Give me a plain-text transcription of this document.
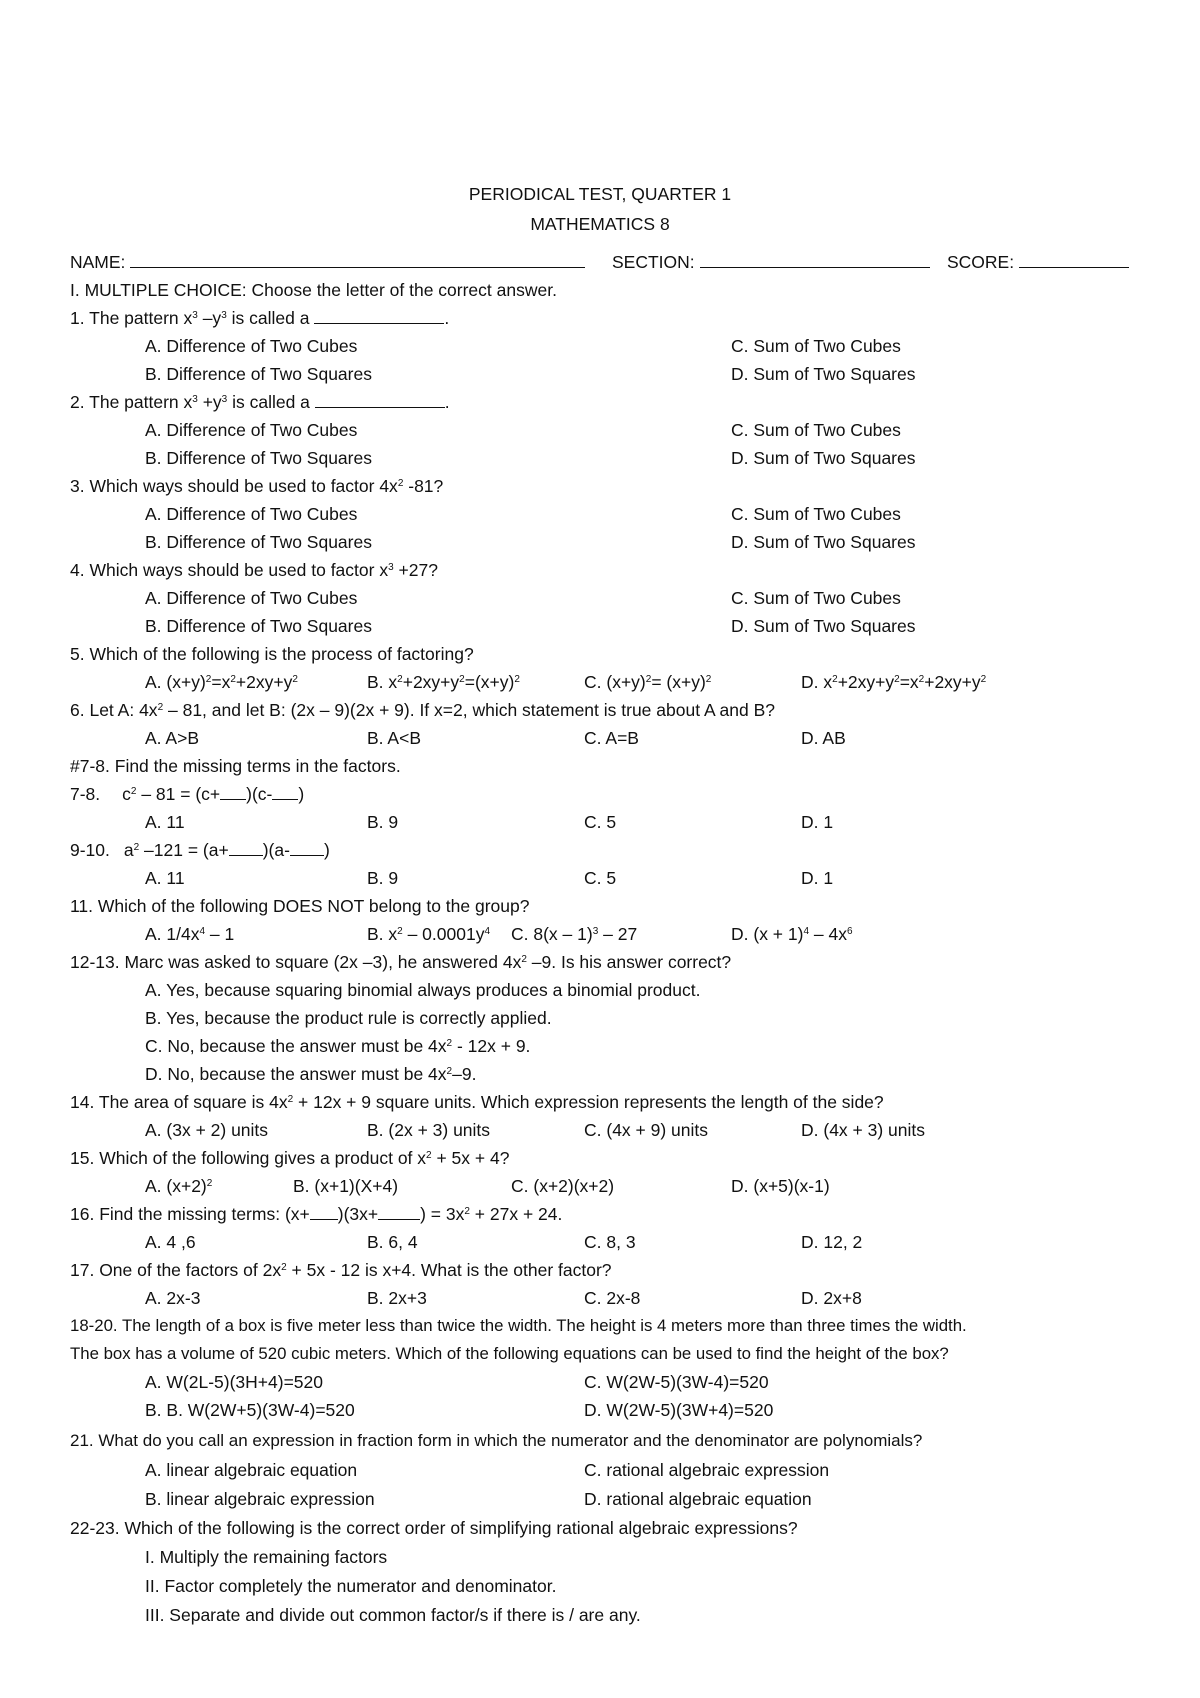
PERIODICAL TEST, QUARTER 1
MATHEMATICS 8
NAME:	SECTION:	SCORE:
I. MULTIPLE CHOICE: Choose the letter of the correct answer.
1. The pattern $x^3$ $-y^3$ is called a	.
A. Difference of Two Cubes	C. Sum of Two Cubes
B. Difference of Two Squares	D. Sum of Two Squares
2. The pattern $x^3 +y^3$ is called a	.
A. Difference of Two Cubes	C. Sum of Two Cubes
B. Difference of Two Squares	D. Sum of Two Squares
3. Which ways should be used to factor $4x^2$ -81?
A. Difference of Two Cubes	C. Sum of Two Cubes
B. Difference of Two Squares	D. Sum of Two Squares
4. Which ways should be used to factor $x^3 +27$?
A. Difference of Two Cubes	C. Sum of Two Cubes
B. Difference of Two Squares	D. Sum of Two Squares
5. Which of the following is the process of factoring?
A. $(x+y)^2=x^2+2xy+y^2$	B. $x^2+2xy+y^2=(x+y)^2$	C. $(x+y)^2= (x+y)^2$	D. $x^2+2xy+y^2=x^2+2xy+y^2$
6. Let A: $4x^2 - 81$, and let B: (2x – 9)(2x + 9). If x=2, which statement is true about A and B?
A. A>B	B. A<B	C. A=B	D. AB
#7-8. Find the missing terms in the factors.
7-8. $c^2 - 81 = (c+ )(c-$ )
A. 11	B. 9	C. 5	D. 1
9-10. $a^2$ –121 = (a+ )(a- )
A. 11	B. 9	C. 5	D. 1
11. Which of the following DOES NOT belong to the group?
A. $1/4x^4 - 1$	B. $x^2 - 0.0001y^4$ C. 8(x – 1)$^3$ – 27	D. $(x + 1)^4 - 4x^6$
12-13. Marc was asked to square (2x –3), he answered $4x^2$ –9. Is his answer correct?
A. Yes, because squaring binomial always produces a binomial product.
B. Yes, because the product rule is correctly applied.
C. No, because the answer must be $4x^2 - 12x + 9$.
D. No, because the answer must be $4x^2-9$.
14. The area of square is $4x^2 + 12x + 9$ square units. Which expression represents the length of the side?
A. (3x + 2) units	B. (2x + 3) units	C. (4x + 9) units	D. (4x + 3) units
15. Which of the following gives a product of $x^2 + 5x + 4$?
A. $(x+2)^2$	B. (x+1)(X+4)	C. (x+2)(x+2)	D. (x+5)(x-1)
16. Find the missing terms: (x+ )(3x+ ) = $3x^2 + 27x + 24$.
A. 4 ,6	B. 6, 4	C. 8, 3	D. 12, 2
17. One of the factors of $2x^2 + 5x - 12$ is x+4. What is the other factor?
A. 2x-3	B. 2x+3	C. 2x-8	D. 2x+8
18-20. The length of a box is five meter less than twice the width. The height is 4 meters more than three times the width.
The box has a volume of 520 cubic meters. Which of the following equations can be used to find the height of the box?
A. W(2L-5)(3H+4)=520	C. W(2W-5)(3W-4)=520
B. B. W(2W+5)(3W-4)=520	D. W(2W-5)(3W+4)=520
21. What do you call an expression in fraction form in which the numerator and the denominator are polynomials?
A. linear algebraic equation	C. rational algebraic expression
B. linear algebraic expression	D. rational algebraic equation
22-23. Which of the following is the correct order of simplifying rational algebraic expressions?
I. Multiply the remaining factors
II. Factor completely the numerator and denominator.
III. Separate and divide out common factor/s if there is / are any.
